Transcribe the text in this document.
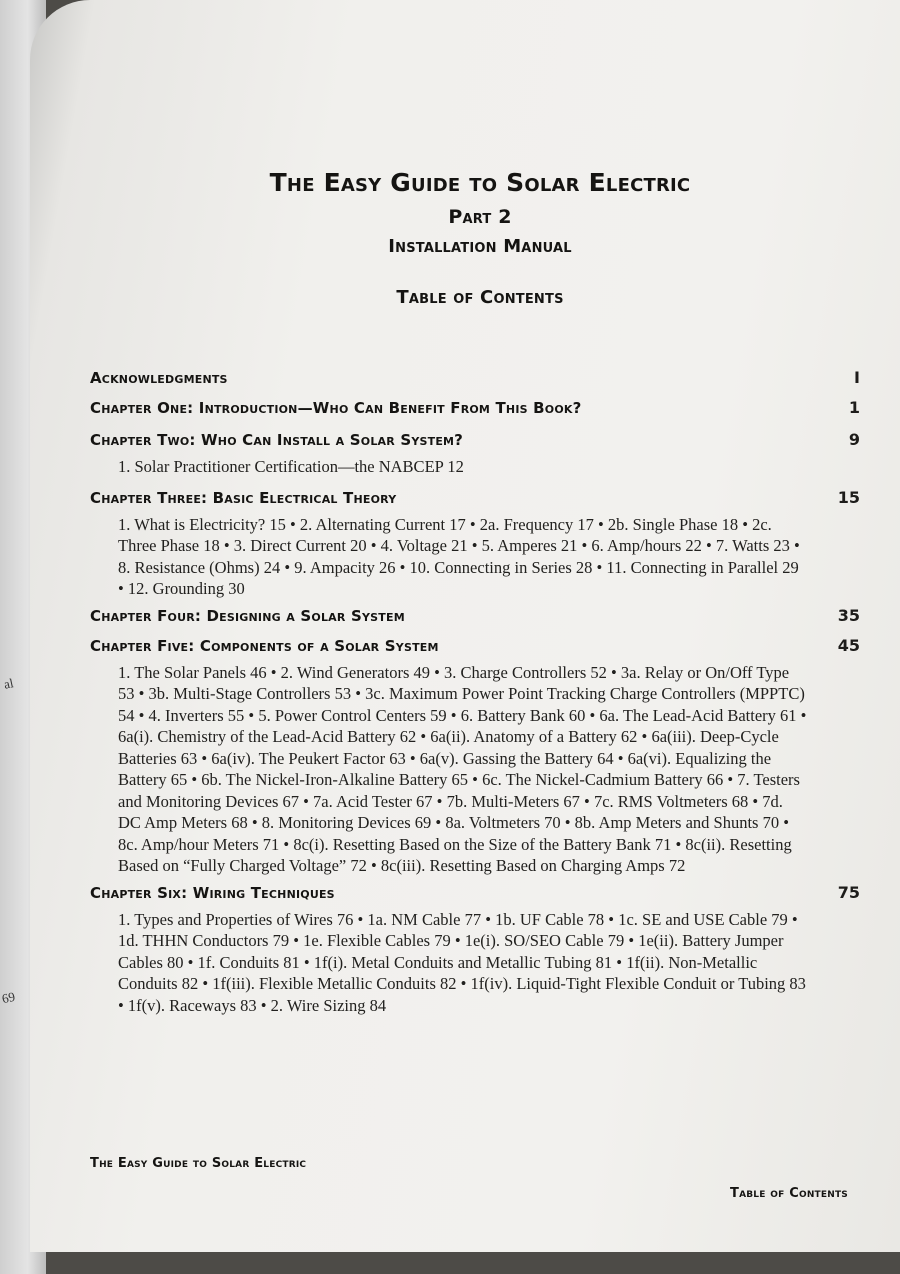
al
69
The Easy Guide to Solar Electric
Part 2
Installation Manual
Table of Contents
Acknowledgments	I
Chapter One: Introduction—Who Can Benefit From This Book?	1
Chapter Two: Who Can Install a Solar System?	9
1. Solar Practitioner Certification—the NABCEP 12
Chapter Three: Basic Electrical Theory	15
1. What is Electricity? 15 • 2. Alternating Current 17 • 2a. Frequency 17 • 2b. Single Phase 18 • 2c. Three Phase 18 • 3. Direct Current 20 • 4. Voltage 21 • 5. Amperes 21 • 6. Amp/hours 22 • 7. Watts 23 • 8. Resistance (Ohms) 24 • 9. Ampacity 26 • 10. Connecting in Series 28 • 11. Connecting in Parallel 29 • 12. Grounding 30
Chapter Four: Designing a Solar System	35
Chapter Five: Components of a Solar System	45
1. The Solar Panels 46 • 2. Wind Generators 49 • 3. Charge Controllers 52 • 3a. Relay or On/Off Type 53 • 3b. Multi-Stage Controllers 53 • 3c. Maximum Power Point Tracking Charge Controllers (MPPTC) 54 • 4. Inverters 55 • 5. Power Control Centers 59 • 6. Battery Bank 60 • 6a. The Lead-Acid Battery 61 • 6a(i). Chemistry of the Lead-Acid Battery 62 • 6a(ii). Anatomy of a Battery 62 • 6a(iii). Deep-Cycle Batteries 63 • 6a(iv). The Peukert Factor 63 • 6a(v). Gassing the Battery 64 • 6a(vi). Equalizing the Battery 65 • 6b. The Nickel-Iron-Alkaline Battery 65 • 6c. The Nickel-Cadmium Battery 66 • 7. Testers and Monitoring Devices 67 • 7a. Acid Tester 67 • 7b. Multi-Meters 67 • 7c. RMS Voltmeters 68 • 7d. DC Amp Meters 68 • 8. Monitoring Devices 69 • 8a. Voltmeters 70 • 8b. Amp Meters and Shunts 70 • 8c. Amp/hour Meters 71 • 8c(i). Resetting Based on the Size of the Battery Bank 71 • 8c(ii). Resetting Based on “Fully Charged Voltage” 72 • 8c(iii). Resetting Based on Charging Amps 72
Chapter Six: Wiring Techniques	75
1. Types and Properties of Wires 76 • 1a. NM Cable 77 • 1b. UF Cable 78 • 1c. SE and USE Cable 79 • 1d. THHN Conductors 79 • 1e. Flexible Cables 79 • 1e(i). SO/SEO Cable 79 • 1e(ii). Battery Jumper Cables 80 • 1f. Conduits 81 • 1f(i). Metal Conduits and Metallic Tubing 81 • 1f(ii). Non-Metallic Conduits 82 • 1f(iii). Flexible Metallic Conduits 82 • 1f(iv). Liquid-Tight Flexible Conduit or Tubing 83 • 1f(v). Raceways 83 • 2. Wire Sizing 84
The Easy Guide to Solar Electric
Table of Contents
